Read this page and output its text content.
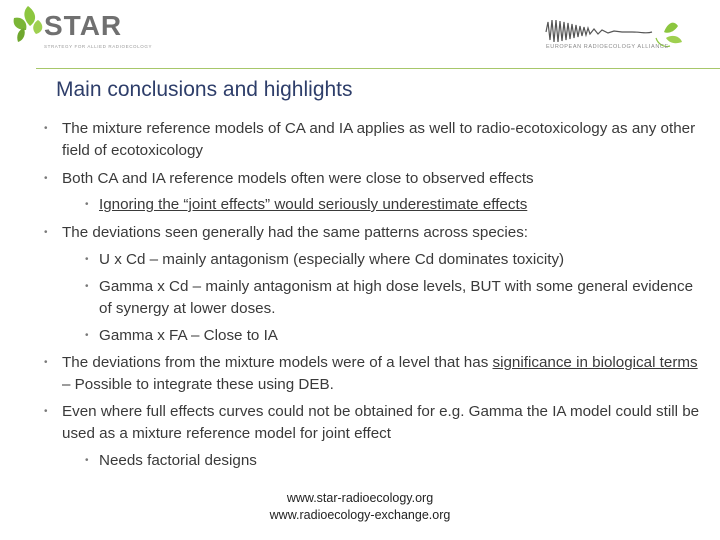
STAR
STRATEGY FOR ALLIED RADIOECOLOGY	EUROPEAN RADIOECOLOGY ALLIANCE
Main conclusions and highlights
• The mixture reference models of CA and IA applies as well to radio-ecotoxicology as any other field of ecotoxicology
• Both CA and IA reference models often were close to observed effects
• Ignoring the “joint effects” would seriously underestimate effects
• The deviations seen generally had the same patterns across species:
• U x Cd – mainly antagonism (especially where Cd dominates toxicity)
• Gamma x Cd – mainly antagonism at high dose levels, BUT with some general evidence of synergy at lower doses.
• Gamma x FA – Close to IA
• The deviations from the mixture models were of a level that has significance in biological terms – Possible to integrate these using DEB.
• Even where full effects curves could not be obtained for e.g. Gamma the IA model could still be used as a mixture reference model for joint effect
• Needs factorial designs
www.star-radioecology.org
www.radioecology-exchange.org
